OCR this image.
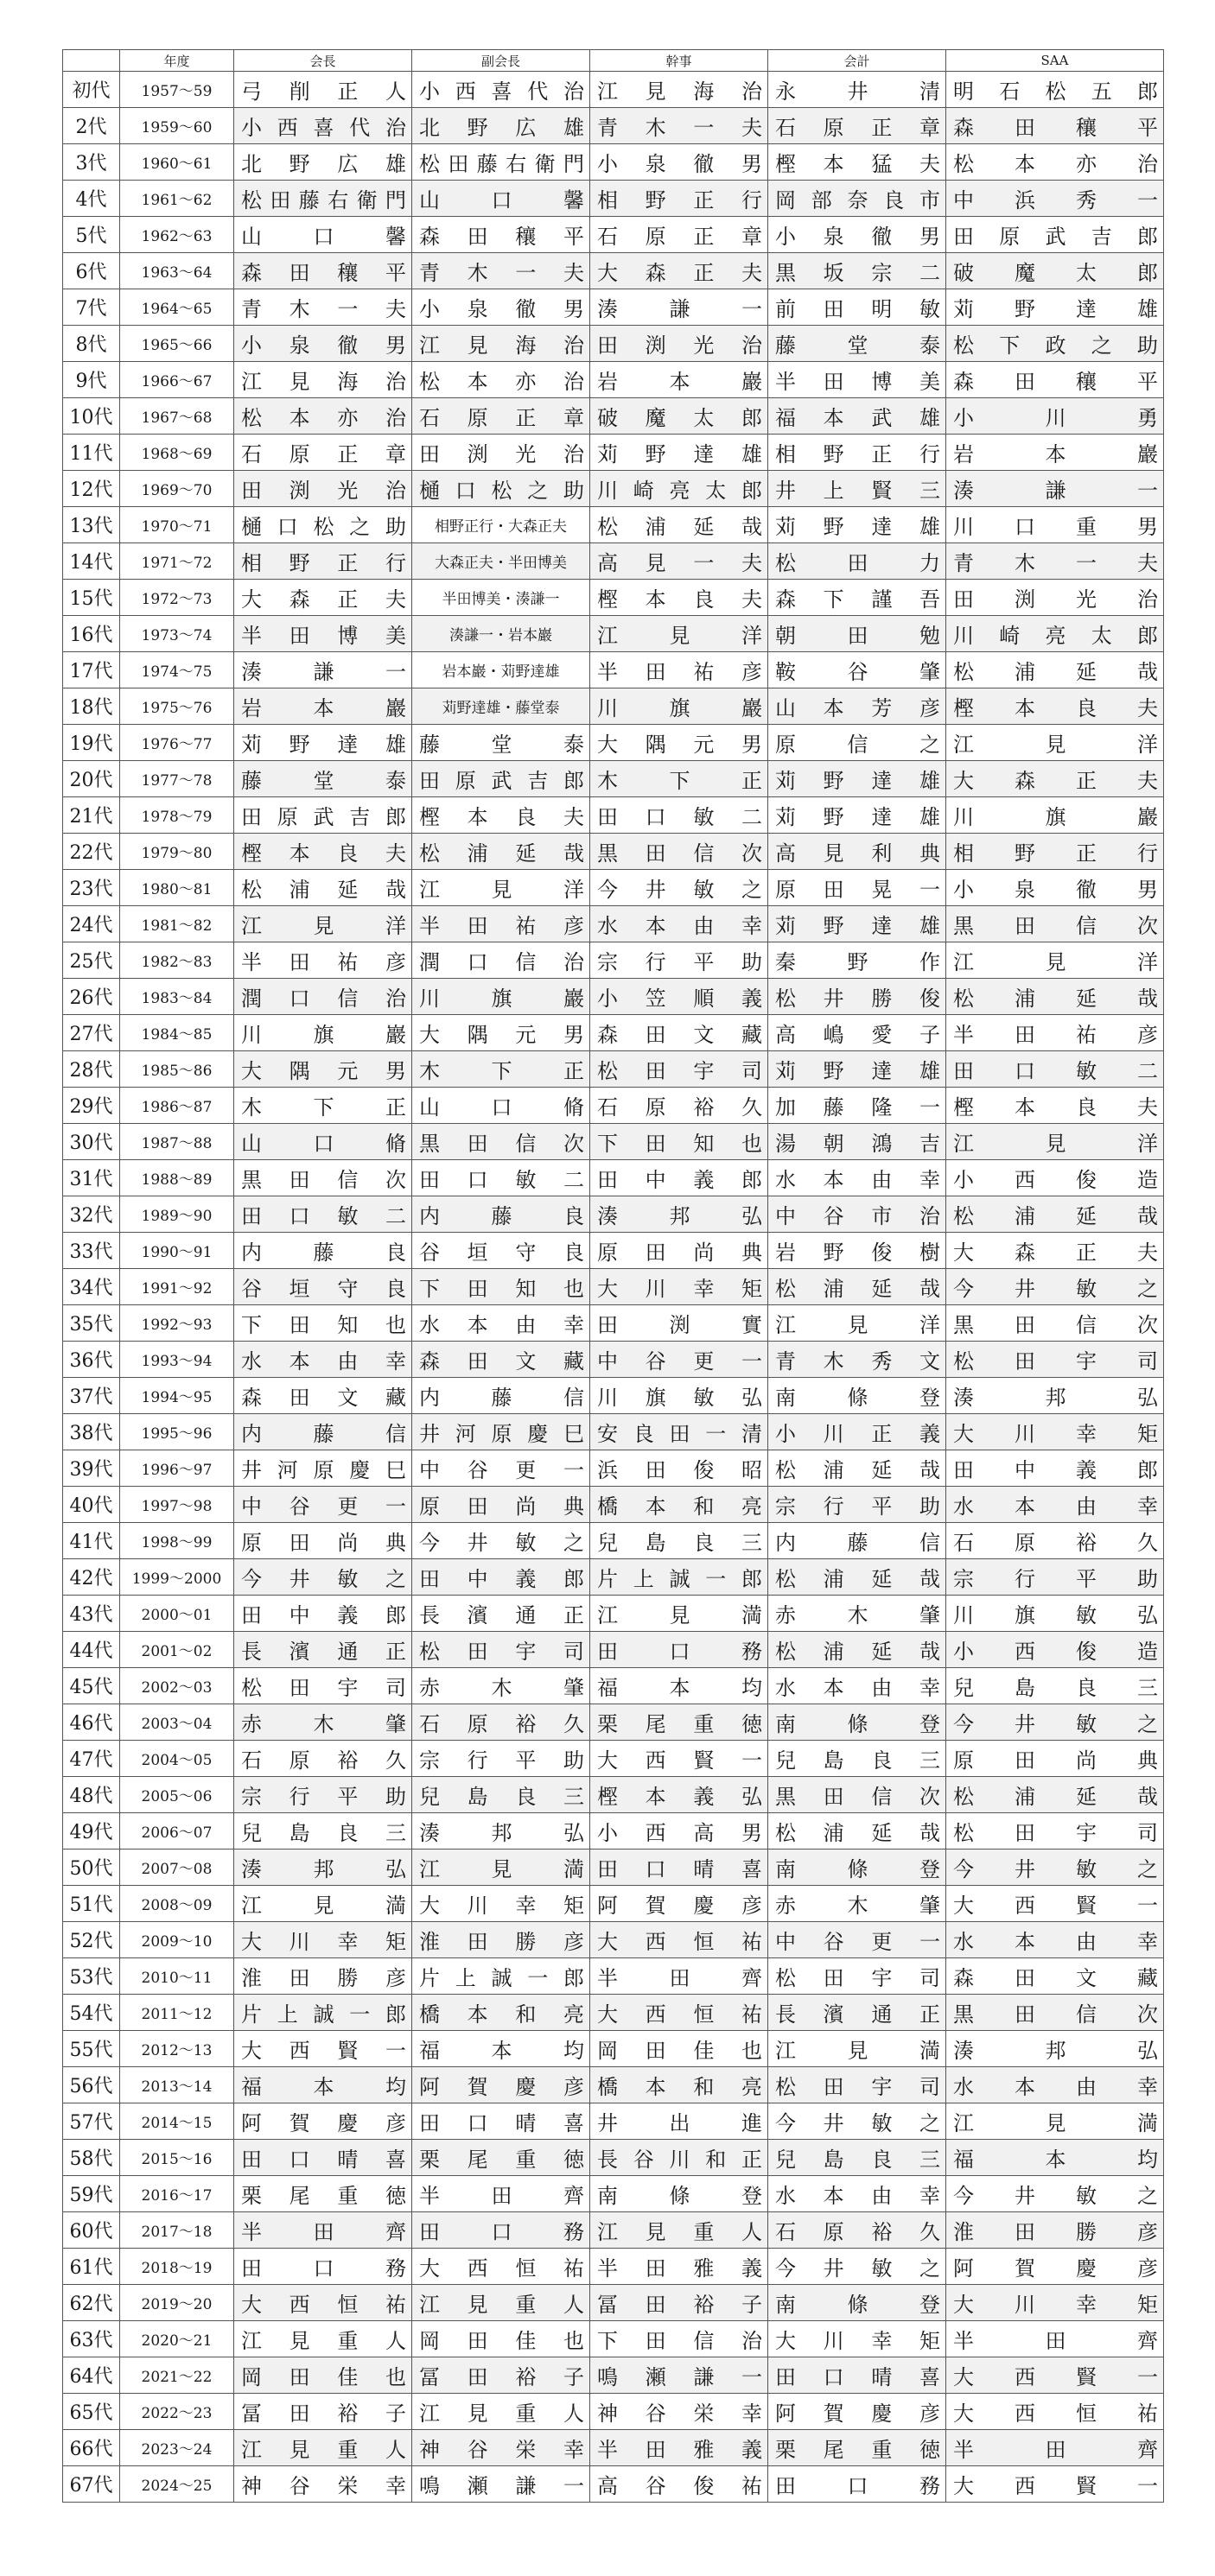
	年度	会長	副会長	幹事	会計	SAA
初代	1957～59	弓削正人	小西喜代治	江見海治	永井清	明石松五郎
2代	1959～60	小西喜代治	北野広雄	青木一夫	石原正章	森田穰平
3代	1960～61	北野広雄	松田藤右衛門	小泉徹男	樫本猛夫	松本亦治
4代	1961～62	松田藤右衛門	山口馨	相野正行	岡部奈良市	中浜秀一
5代	1962～63	山口馨	森田穰平	石原正章	小泉徹男	田原武吉郎
6代	1963～64	森田穰平	青木一夫	大森正夫	黒坂宗二	破魔太郎
7代	1964～65	青木一夫	小泉徹男	湊謙一	前田明敏	苅野達雄
8代	1965～66	小泉徹男	江見海治	田渕光治	藤堂泰	松下政之助
9代	1966～67	江見海治	松本亦治	岩本巖	半田博美	森田穰平
10代	1967～68	松本亦治	石原正章	破魔太郎	福本武雄	小川勇
11代	1968～69	石原正章	田渕光治	苅野達雄	相野正行	岩本巖
12代	1969～70	田渕光治	樋口松之助	川崎亮太郎	井上賢三	湊謙一
13代	1970～71	樋口松之助	相野正行・大森正夫	松浦延哉	苅野達雄	川口重男
14代	1971～72	相野正行	大森正夫・半田博美	高見一夫	松田力	青木一夫
15代	1972～73	大森正夫	半田博美・湊謙一	樫本良夫	森下謹吾	田渕光治
16代	1973～74	半田博美	湊謙一・岩本巖	江見洋	朝田勉	川崎亮太郎
17代	1974～75	湊謙一	岩本巖・苅野達雄	半田祐彦	鞍谷肇	松浦延哉
18代	1975～76	岩本巖	苅野達雄・藤堂泰	川旗巖	山本芳彦	樫本良夫
19代	1976～77	苅野達雄	藤堂泰	大隅元男	原信之	江見洋
20代	1977～78	藤堂泰	田原武吉郎	木下正	苅野達雄	大森正夫
21代	1978～79	田原武吉郎	樫本良夫	田口敏二	苅野達雄	川旗巖
22代	1979～80	樫本良夫	松浦延哉	黒田信次	高見利典	相野正行
23代	1980～81	松浦延哉	江見洋	今井敏之	原田晃一	小泉徹男
24代	1981～82	江見洋	半田祐彦	水本由幸	苅野達雄	黒田信次
25代	1982～83	半田祐彦	潤口信治	宗行平助	秦野作	江見洋
26代	1983～84	潤口信治	川旗巖	小笠順義	松井勝俊	松浦延哉
27代	1984～85	川旗巖	大隅元男	森田文藏	高嶋愛子	半田祐彦
28代	1985～86	大隅元男	木下正	松田宇司	苅野達雄	田口敏二
29代	1986～87	木下正	山口脩	石原裕久	加藤隆一	樫本良夫
30代	1987～88	山口脩	黒田信次	下田知也	湯朝鴻吉	江見洋
31代	1988～89	黒田信次	田口敏二	田中義郎	水本由幸	小西俊造
32代	1989～90	田口敏二	内藤良	湊邦弘	中谷市治	松浦延哉
33代	1990～91	内藤良	谷垣守良	原田尚典	岩野俊樹	大森正夫
34代	1991～92	谷垣守良	下田知也	大川幸矩	松浦延哉	今井敏之
35代	1992～93	下田知也	水本由幸	田渕實	江見洋	黒田信次
36代	1993～94	水本由幸	森田文藏	中谷更一	青木秀文	松田宇司
37代	1994～95	森田文藏	内藤信	川旗敏弘	南條登	湊邦弘
38代	1995～96	内藤信	井河原慶巳	安良田一清	小川正義	大川幸矩
39代	1996～97	井河原慶巳	中谷更一	浜田俊昭	松浦延哉	田中義郎
40代	1997～98	中谷更一	原田尚典	橋本和亮	宗行平助	水本由幸
41代	1998～99	原田尚典	今井敏之	兒島良三	内藤信	石原裕久
42代	1999～2000	今井敏之	田中義郎	片上誠一郎	松浦延哉	宗行平助
43代	2000～01	田中義郎	長濱通正	江見満	赤木肇	川旗敏弘
44代	2001～02	長濱通正	松田宇司	田口務	松浦延哉	小西俊造
45代	2002～03	松田宇司	赤木肇	福本均	水本由幸	兒島良三
46代	2003～04	赤木肇	石原裕久	栗尾重徳	南條登	今井敏之
47代	2004～05	石原裕久	宗行平助	大西賢一	兒島良三	原田尚典
48代	2005～06	宗行平助	兒島良三	樫本義弘	黒田信次	松浦延哉
49代	2006～07	兒島良三	湊邦弘	小西高男	松浦延哉	松田宇司
50代	2007～08	湊邦弘	江見満	田口晴喜	南條登	今井敏之
51代	2008～09	江見満	大川幸矩	阿賀慶彦	赤木肇	大西賢一
52代	2009～10	大川幸矩	淮田勝彦	大西恒祐	中谷更一	水本由幸
53代	2010～11	淮田勝彦	片上誠一郎	半田齊	松田宇司	森田文藏
54代	2011～12	片上誠一郎	橋本和亮	大西恒祐	長濱通正	黒田信次
55代	2012～13	大西賢一	福本均	岡田佳也	江見満	湊邦弘
56代	2013～14	福本均	阿賀慶彦	橋本和亮	松田宇司	水本由幸
57代	2014～15	阿賀慶彦	田口晴喜	井出進	今井敏之	江見満
58代	2015～16	田口晴喜	栗尾重徳	長谷川和正	兒島良三	福本均
59代	2016～17	栗尾重徳	半田齊	南條登	水本由幸	今井敏之
60代	2017～18	半田齊	田口務	江見重人	石原裕久	淮田勝彦
61代	2018～19	田口務	大西恒祐	半田雅義	今井敏之	阿賀慶彦
62代	2019～20	大西恒祐	江見重人	冨田裕子	南條登	大川幸矩
63代	2020～21	江見重人	岡田佳也	下田信治	大川幸矩	半田齊
64代	2021～22	岡田佳也	冨田裕子	鳴瀬謙一	田口晴喜	大西賢一
65代	2022～23	冨田裕子	江見重人	神谷栄幸	阿賀慶彦	大西恒祐
66代	2023～24	江見重人	神谷栄幸	半田雅義	栗尾重徳	半田齊
67代	2024～25	神谷栄幸	鳴瀬謙一	高谷俊祐	田口務	大西賢一
